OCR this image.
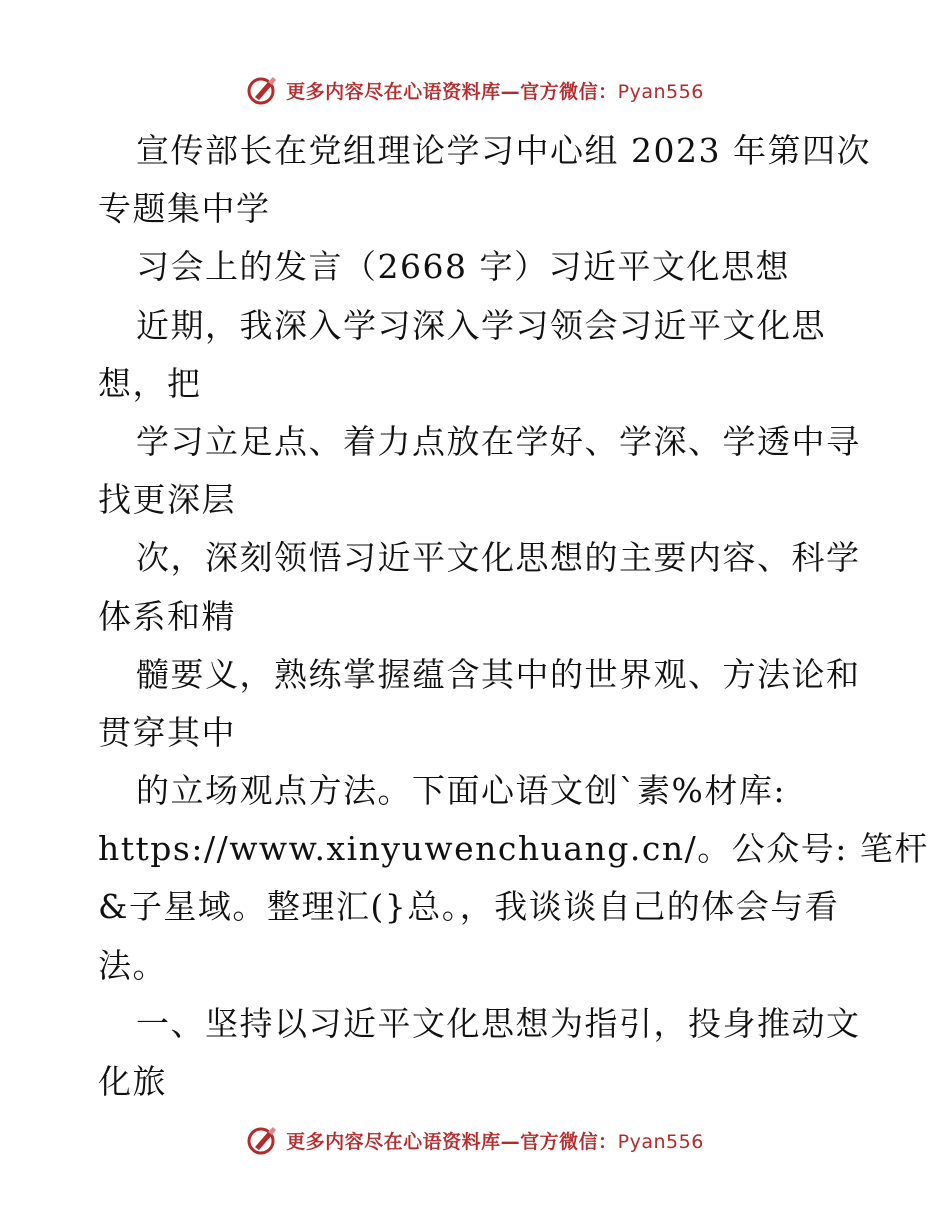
更多内容尽在心语资料库—官方微信：Pyan556
宣传部长在党组理论学习中心组 2023 年第四次
专题集中学
习会上的发言（2668 字）习近平文化思想
近期，我深入学习深入学习领会习近平文化思
想，把
学习立足点、着力点放在学好、学深、学透中寻
找更深层
次，深刻领悟习近平文化思想的主要内容、科学
体系和精
髓要义，熟练掌握蕴含其中的世界观、方法论和
贯穿其中
的立场观点方法。下面心语文创`素%材库:
https://www.xinyuwenchuang.cn/。公众号: 笔杆
&子星域。整理汇(}总。，我谈谈自己的体会与看
法。
一、坚持以习近平文化思想为指引，投身推动文
化旅
更多内容尽在心语资料库—官方微信：Pyan556
